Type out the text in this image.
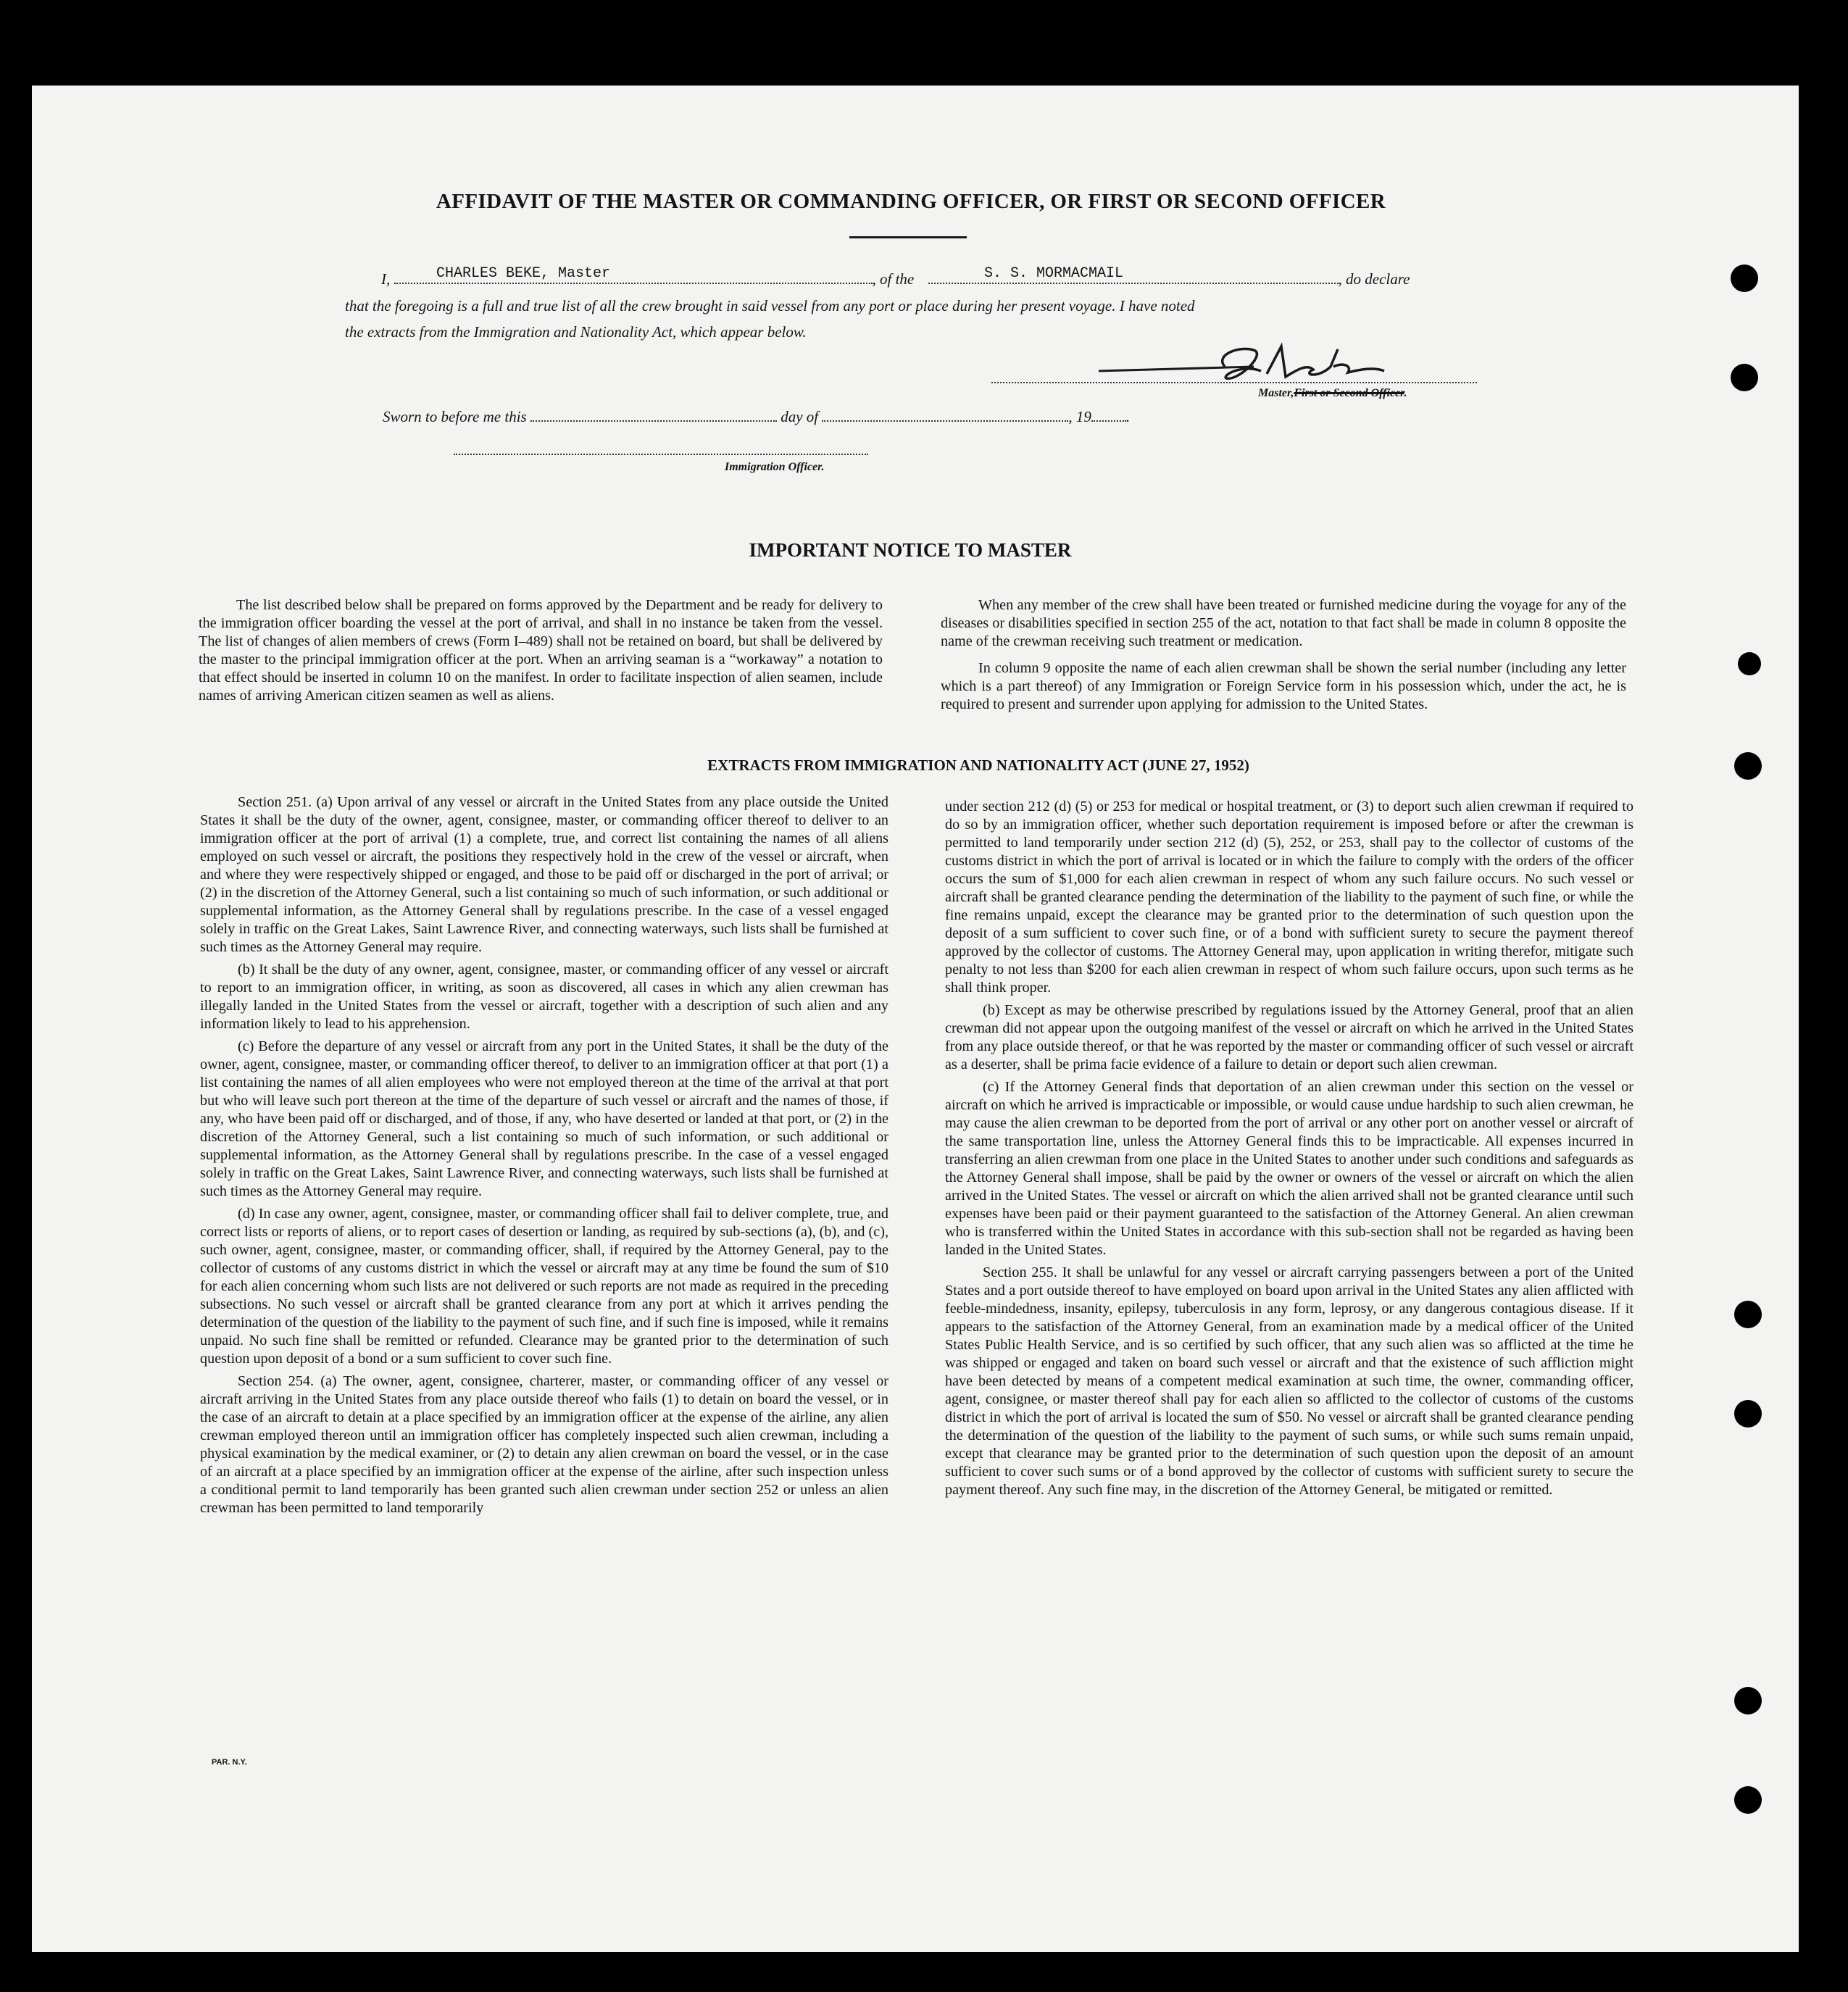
AFFIDAVIT OF THE MASTER OR COMMANDING OFFICER, OR FIRST OR SECOND OFFICER
I,	, of the	, do declare
CHARLES BEKE, Master	S. S. MORMACMAIL

that the foregoing is a full and true list of all the crew brought in said vessel from any port or place during her present voyage. I have noted

the extracts from the Immigration and Nationality Act, which appear below.

Master,First or Second Officer.
Sworn to before me this	day of	, 19 .
Immigration Officer.
IMPORTANT NOTICE TO MASTER

The list described below shall be prepared on forms approved by the Department and be ready for delivery to the immigration officer boarding the vessel at the port of arrival, and shall in no instance be taken from the vessel. The list of changes of alien members of crews (Form I–489) shall not be retained on board, but shall be delivered by the master to the principal immigration officer at the port. When an arriving seaman is a “workaway” a notation to that effect should be inserted in column 10 on the manifest. In order to facilitate inspection of alien seamen, include names of arriving American citizen seamen as well as aliens.

When any member of the crew shall have been treated or furnished medicine during the voyage for any of the diseases or disabilities specified in section 255 of the act, notation to that fact shall be made in column 8 opposite the name of the crewman receiving such treatment or medication.

In column 9 opposite the name of each alien crewman shall be shown the serial number (including any letter which is a part thereof) of any Immigration or Foreign Service form in his possession which, under the act, he is required to present and surrender upon applying for admission to the United States.

EXTRACTS FROM IMMIGRATION AND NATIONALITY ACT (JUNE 27, 1952)

Section 251. (a) Upon arrival of any vessel or aircraft in the United States from any place outside the United States it shall be the duty of the owner, agent, consignee, master, or commanding officer thereof to deliver to an immigration officer at the port of arrival (1) a complete, true, and correct list containing the names of all aliens employed on such vessel or aircraft, the positions they respectively hold in the crew of the vessel or aircraft, when and where they were respectively shipped or engaged, and those to be paid off or discharged in the port of arrival; or (2) in the discretion of the Attorney General, such a list containing so much of such information, or such additional or supplemental information, as the Attorney General shall by regulations prescribe. In the case of a vessel engaged solely in traffic on the Great Lakes, Saint Lawrence River, and connecting waterways, such lists shall be furnished at such times as the Attorney General may require.

(b) It shall be the duty of any owner, agent, consignee, master, or commanding officer of any vessel or aircraft to report to an immigration officer, in writing, as soon as discovered, all cases in which any alien crewman has illegally landed in the United States from the vessel or aircraft, together with a description of such alien and any information likely to lead to his apprehension.

(c) Before the departure of any vessel or aircraft from any port in the United States, it shall be the duty of the owner, agent, consignee, master, or commanding officer thereof, to deliver to an immigration officer at that port (1) a list containing the names of all alien employees who were not employed thereon at the time of the arrival at that port but who will leave such port thereon at the time of the departure of such vessel or aircraft and the names of those, if any, who have been paid off or discharged, and of those, if any, who have deserted or landed at that port, or (2) in the discretion of the Attorney General, such a list containing so much of such information, or such additional or supplemental information, as the Attorney General shall by regulations prescribe. In the case of a vessel engaged solely in traffic on the Great Lakes, Saint Lawrence River, and connecting waterways, such lists shall be furnished at such times as the Attorney General may require.

(d) In case any owner, agent, consignee, master, or commanding officer shall fail to deliver complete, true, and correct lists or reports of aliens, or to report cases of desertion or landing, as required by sub-sections (a), (b), and (c), such owner, agent, consignee, master, or commanding officer, shall, if required by the Attorney General, pay to the collector of customs of any customs district in which the vessel or aircraft may at any time be found the sum of $10 for each alien concerning whom such lists are not delivered or such reports are not made as required in the preceding subsections. No such vessel or aircraft shall be granted clearance from any port at which it arrives pending the determination of the question of the liability to the payment of such fine, and if such fine is imposed, while it remains unpaid. No such fine shall be remitted or refunded. Clearance may be granted prior to the determination of such question upon deposit of a bond or a sum sufficient to cover such fine.

Section 254. (a) The owner, agent, consignee, charterer, master, or commanding officer of any vessel or aircraft arriving in the United States from any place outside thereof who fails (1) to detain on board the vessel, or in the case of an aircraft to detain at a place specified by an immigration officer at the expense of the airline, any alien crewman employed thereon until an immigration officer has completely inspected such alien crewman, including a physical examination by the medical examiner, or (2) to detain any alien crewman on board the vessel, or in the case of an aircraft at a place specified by an immigration officer at the expense of the airline, after such inspection unless a conditional permit to land temporarily has been granted such alien crewman under section 252 or unless an alien crewman has been permitted to land temporarily

under section 212 (d) (5) or 253 for medical or hospital treatment, or (3) to deport such alien crewman if required to do so by an immigration officer, whether such deportation requirement is imposed before or after the crewman is permitted to land temporarily under section 212 (d) (5), 252, or 253, shall pay to the collector of customs of the customs district in which the port of arrival is located or in which the failure to comply with the orders of the officer occurs the sum of $1,000 for each alien crewman in respect of whom any such failure occurs. No such vessel or aircraft shall be granted clearance pending the determination of the liability to the payment of such fine, or while the fine remains unpaid, except the clearance may be granted prior to the determination of such question upon the deposit of a sum sufficient to cover such fine, or of a bond with sufficient surety to secure the payment thereof approved by the collector of customs. The Attorney General may, upon application in writing therefor, mitigate such penalty to not less than $200 for each alien crewman in respect of whom such failure occurs, upon such terms as he shall think proper.

(b) Except as may be otherwise prescribed by regulations issued by the Attorney General, proof that an alien crewman did not appear upon the outgoing manifest of the vessel or aircraft on which he arrived in the United States from any place outside thereof, or that he was reported by the master or commanding officer of such vessel or aircraft as a deserter, shall be prima facie evidence of a failure to detain or deport such alien crewman.

(c) If the Attorney General finds that deportation of an alien crewman under this section on the vessel or aircraft on which he arrived is impracticable or impossible, or would cause undue hardship to such alien crewman, he may cause the alien crewman to be deported from the port of arrival or any other port on another vessel or aircraft of the same transportation line, unless the Attorney General finds this to be impracticable. All expenses incurred in transferring an alien crewman from one place in the United States to another under such conditions and safeguards as the Attorney General shall impose, shall be paid by the owner or owners of the vessel or aircraft on which the alien arrived in the United States. The vessel or aircraft on which the alien arrived shall not be granted clearance until such expenses have been paid or their payment guaranteed to the satisfaction of the Attorney General. An alien crewman who is transferred within the United States in accordance with this sub-section shall not be regarded as having been landed in the United States.

Section 255. It shall be unlawful for any vessel or aircraft carrying passengers between a port of the United States and a port outside thereof to have employed on board upon arrival in the United States any alien afflicted with feeble-mindedness, insanity, epilepsy, tuberculosis in any form, leprosy, or any dangerous contagious disease. If it appears to the satisfaction of the Attorney General, from an examination made by a medical officer of the United States Public Health Service, and is so certified by such officer, that any such alien was so afflicted at the time he was shipped or engaged and taken on board such vessel or aircraft and that the existence of such affliction might have been detected by means of a competent medical examination at such time, the owner, commanding officer, agent, consignee, or master thereof shall pay for each alien so afflicted to the collector of customs of the customs district in which the port of arrival is located the sum of $50. No vessel or aircraft shall be granted clearance pending the determination of the question of the liability to the payment of such sums, or while such sums remain unpaid, except that clearance may be granted prior to the determination of such question upon the deposit of an amount sufficient to cover such sums or of a bond approved by the collector of customs with sufficient surety to secure the payment thereof. Any such fine may, in the discretion of the Attorney General, be mitigated or remitted.

PAR. N.Y.
